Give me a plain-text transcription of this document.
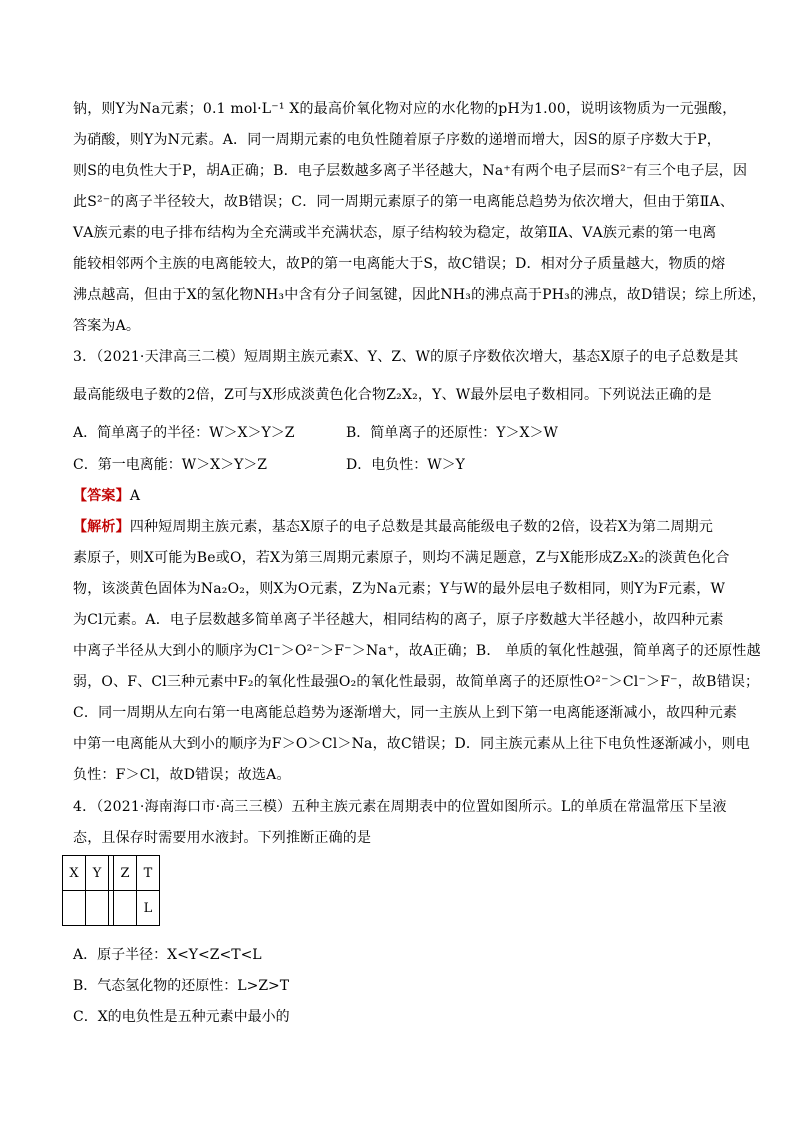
钠，则Y为Na元素；0.1 mol·L⁻¹ X的最高价氧化物对应的水化物的pH为1.00，说明该物质为一元强酸，
为硝酸，则Y为N元素。A．同一周期元素的电负性随着原子序数的递增而增大，因S的原子序数大于P，
则S的电负性大于P，胡A正确；B．电子层数越多离子半径越大，Na⁺有两个电子层而S²⁻有三个电子层，因
此S²⁻的离子半径较大，故B错误；C．同一周期元素原子的第一电离能总趋势为依次增大，但由于第ⅡA、
ⅤA族元素的电子排布结构为全充满或半充满状态，原子结构较为稳定，故第ⅡA、ⅤA族元素的第一电离
能较相邻两个主族的电离能较大，故P的第一电离能大于S，故C错误；D．相对分子质量越大，物质的熔
沸点越高，但由于X的氢化物NH₃中含有分子间氢键，因此NH₃的沸点高于PH₃的沸点，故D错误；综上所述，
答案为A。
3．（2021·天津高三二模）短周期主族元素X、Y、Z、W的原子序数依次增大，基态X原子的电子总数是其
最高能级电子数的2倍，Z可与X形成淡黄色化合物Z₂X₂，Y、W最外层电子数相同。下列说法正确的是
A．简单离子的半径：W＞X＞Y＞Z	B．简单离子的还原性：Y＞X＞W
C．第一电离能：W＞X＞Y＞Z	D．电负性：W＞Y
【答案】A
【解析】四种短周期主族元素，基态X原子的电子总数是其最高能级电子数的2倍，设若X为第二周期元
素原子，则X可能为Be或O，若X为第三周期元素原子，则均不满足题意，Z与X能形成Z₂X₂的淡黄色化合
物，该淡黄色固体为Na₂O₂，则X为O元素，Z为Na元素；Y与W的最外层电子数相同，则Y为F元素，W
为Cl元素。A．电子层数越多简单离子半径越大，相同结构的离子，原子序数越大半径越小，故四种元素
中离子半径从大到小的顺序为Cl⁻＞O²⁻＞F⁻＞Na⁺，故A正确；B． 单质的氧化性越强，简单离子的还原性越
弱，O、F、Cl三种元素中F₂的氧化性最强O₂的氧化性最弱，故简单离子的还原性O²⁻＞Cl⁻＞F⁻，故B错误；
C．同一周期从左向右第一电离能总趋势为逐渐增大，同一主族从上到下第一电离能逐渐减小，故四种元素
中第一电离能从大到小的顺序为F＞O＞Cl＞Na，故C错误；D．同主族元素从上往下电负性逐渐减小，则电
负性：F＞Cl，故D错误；故选A。
4．（2021·海南海口市·高三三模）五种主族元素在周期表中的位置如图所示。L的单质在常温常压下呈液
态，且保存时需要用水液封。下列推断正确的是
X	Y		Z	T
				L
A．原子半径：X<Y<Z<T<L
B．气态氢化物的还原性：L>Z>T
C．X的电负性是五种元素中最小的
